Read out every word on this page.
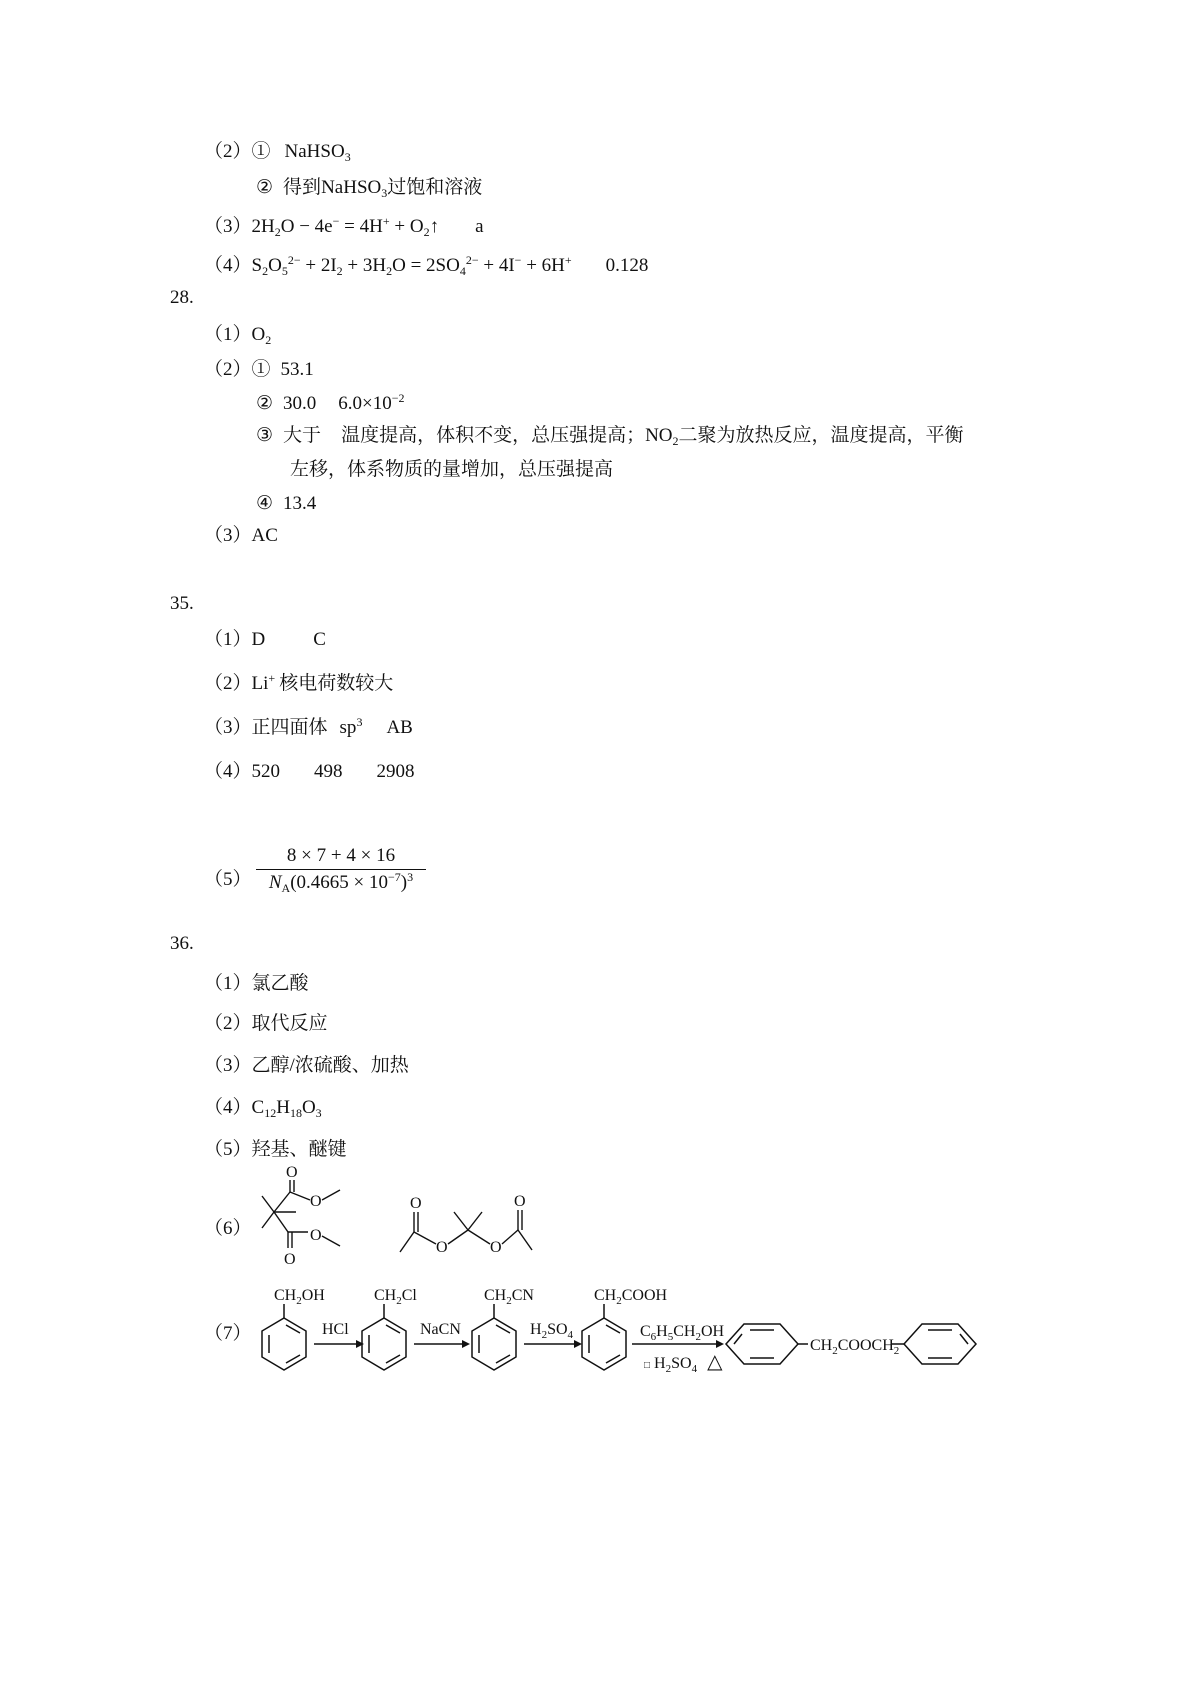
（2）① NaHSO$_3$
② 得到NaHSO$_3$过饱和溶液
$(3)2H_2O - 4e^- = 4H^+$ + $O_2↑$ a
$(4)S_2O_5^{2-} + 2I_2 + 3H_2O = 2SO_4^{2-} + 4I^- + 6H^+$ 0.128
28.
$(1)O_2$
（2）① 53.1
② 30.0 $6.0\times 10^{-2}$
③ 大于 温度提高，体积不变，总压强提高；$NO_2$二聚为放热反应，温度提高，平衡
左移，体系物质的量增加，总压强提高
④ 13.4
（3）AC
35.
（1）D	C
（2）Li+ 核电荷数较大
（3）正四面体 $sp^3$ AB
（4）520 498 2908
$(5) \frac{8 \times 7 + 4 \times 16}{N_A(0.4665 \times 10^{-7})^3}$
36.
（1）氯乙酸
（2）取代反应
（3）乙醇/浓硫酸、加热
$(4)C_{12}H_{18}O_3$
（5）羟基、醚键
（6）
（7）
O
O
O
O
O
O	O
O
$CH_2OH$	$CH_2Cl$	$CH_2CN$	$CH_2COOH$
HCl	NaCN	$H_2SO_4$	$C_6H_5CH_2OH$
□ $H_2SO_4$ △
$CH_2COOCH_2$
